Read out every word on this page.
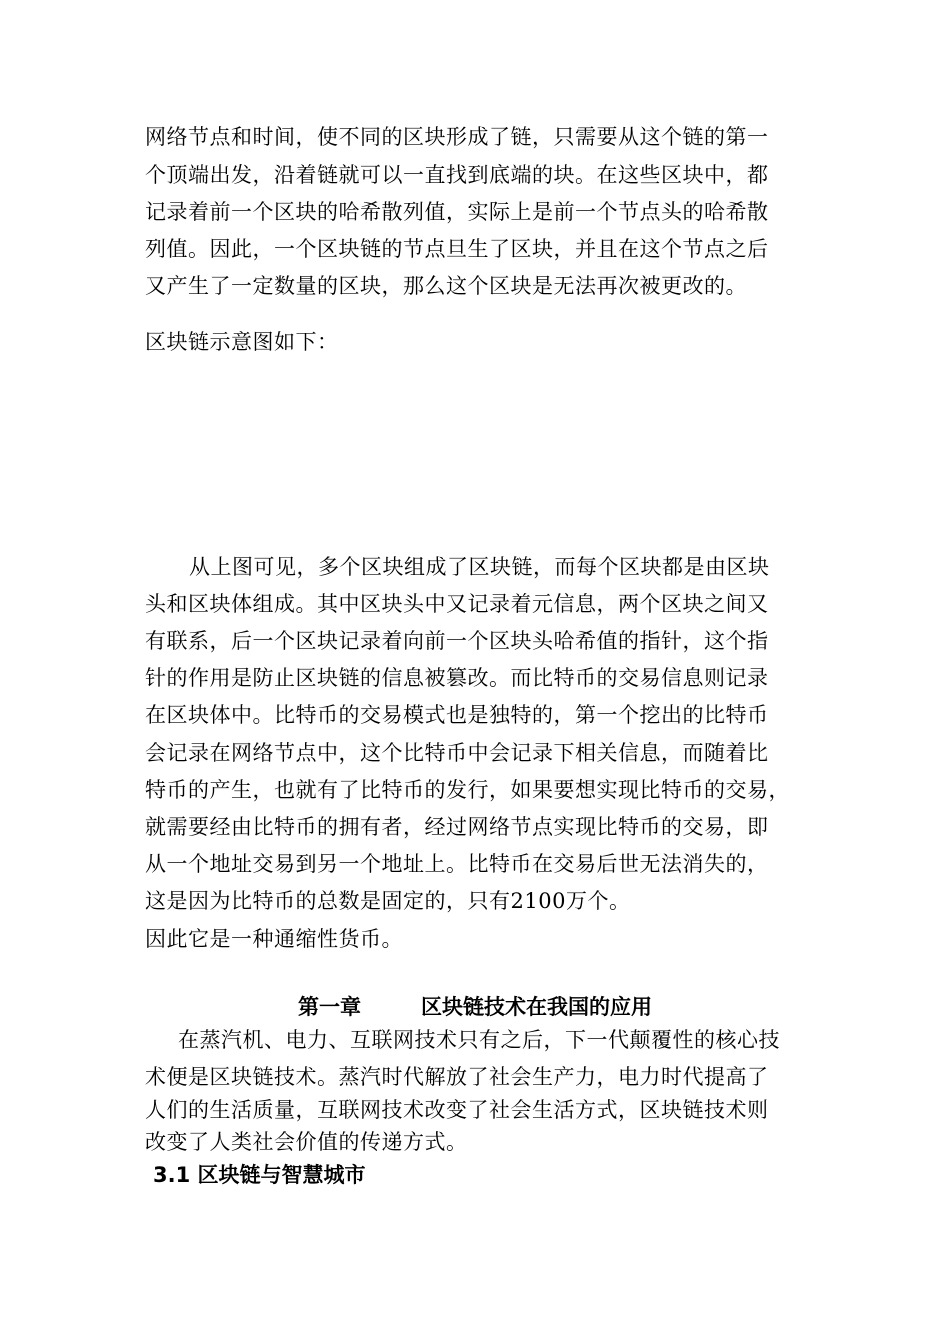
网络节点和时间，使不同的区块形成了链，只需要从这个链的第一
个顶端出发，沿着链就可以一直找到底端的块。在这些区块中，都
记录着前一个区块的哈希散列值，实际上是前一个节点头的哈希散
列值。因此，一个区块链的节点旦生了区块，并且在这个节点之后
又产生了一定数量的区块，那么这个区块是无法再次被更改的。
区块链示意图如下：
从上图可见，多个区块组成了区块链，而每个区块都是由区块
头和区块体组成。其中区块头中又记录着元信息，两个区块之间又
有联系，后一个区块记录着向前一个区块头哈希值的指针，这个指
针的作用是防止区块链的信息被篡改。而比特币的交易信息则记录
在区块体中。比特币的交易模式也是独特的，第一个挖出的比特币
会记录在网络节点中，这个比特币中会记录下相关信息，而随着比
特币的产生，也就有了比特币的发行，如果要想实现比特币的交易，
就需要经由比特币的拥有者，经过网络节点实现比特币的交易，即
从一个地址交易到另一个地址上。比特币在交易后世无法消失的，
这是因为比特币的总数是固定的，只有2100万个。
因此它是一种通缩性货币。
第一章	区块链技术在我国的应用
在蒸汽机、电力、互联网技术只有之后，下一代颠覆性的核心技
术便是区块链技术。蒸汽时代解放了社会生产力，电力时代提高了
人们的生活质量，互联网技术改变了社会生活方式，区块链技术则
改变了人类社会价值的传递方式。
3.1 区块链与智慧城市
